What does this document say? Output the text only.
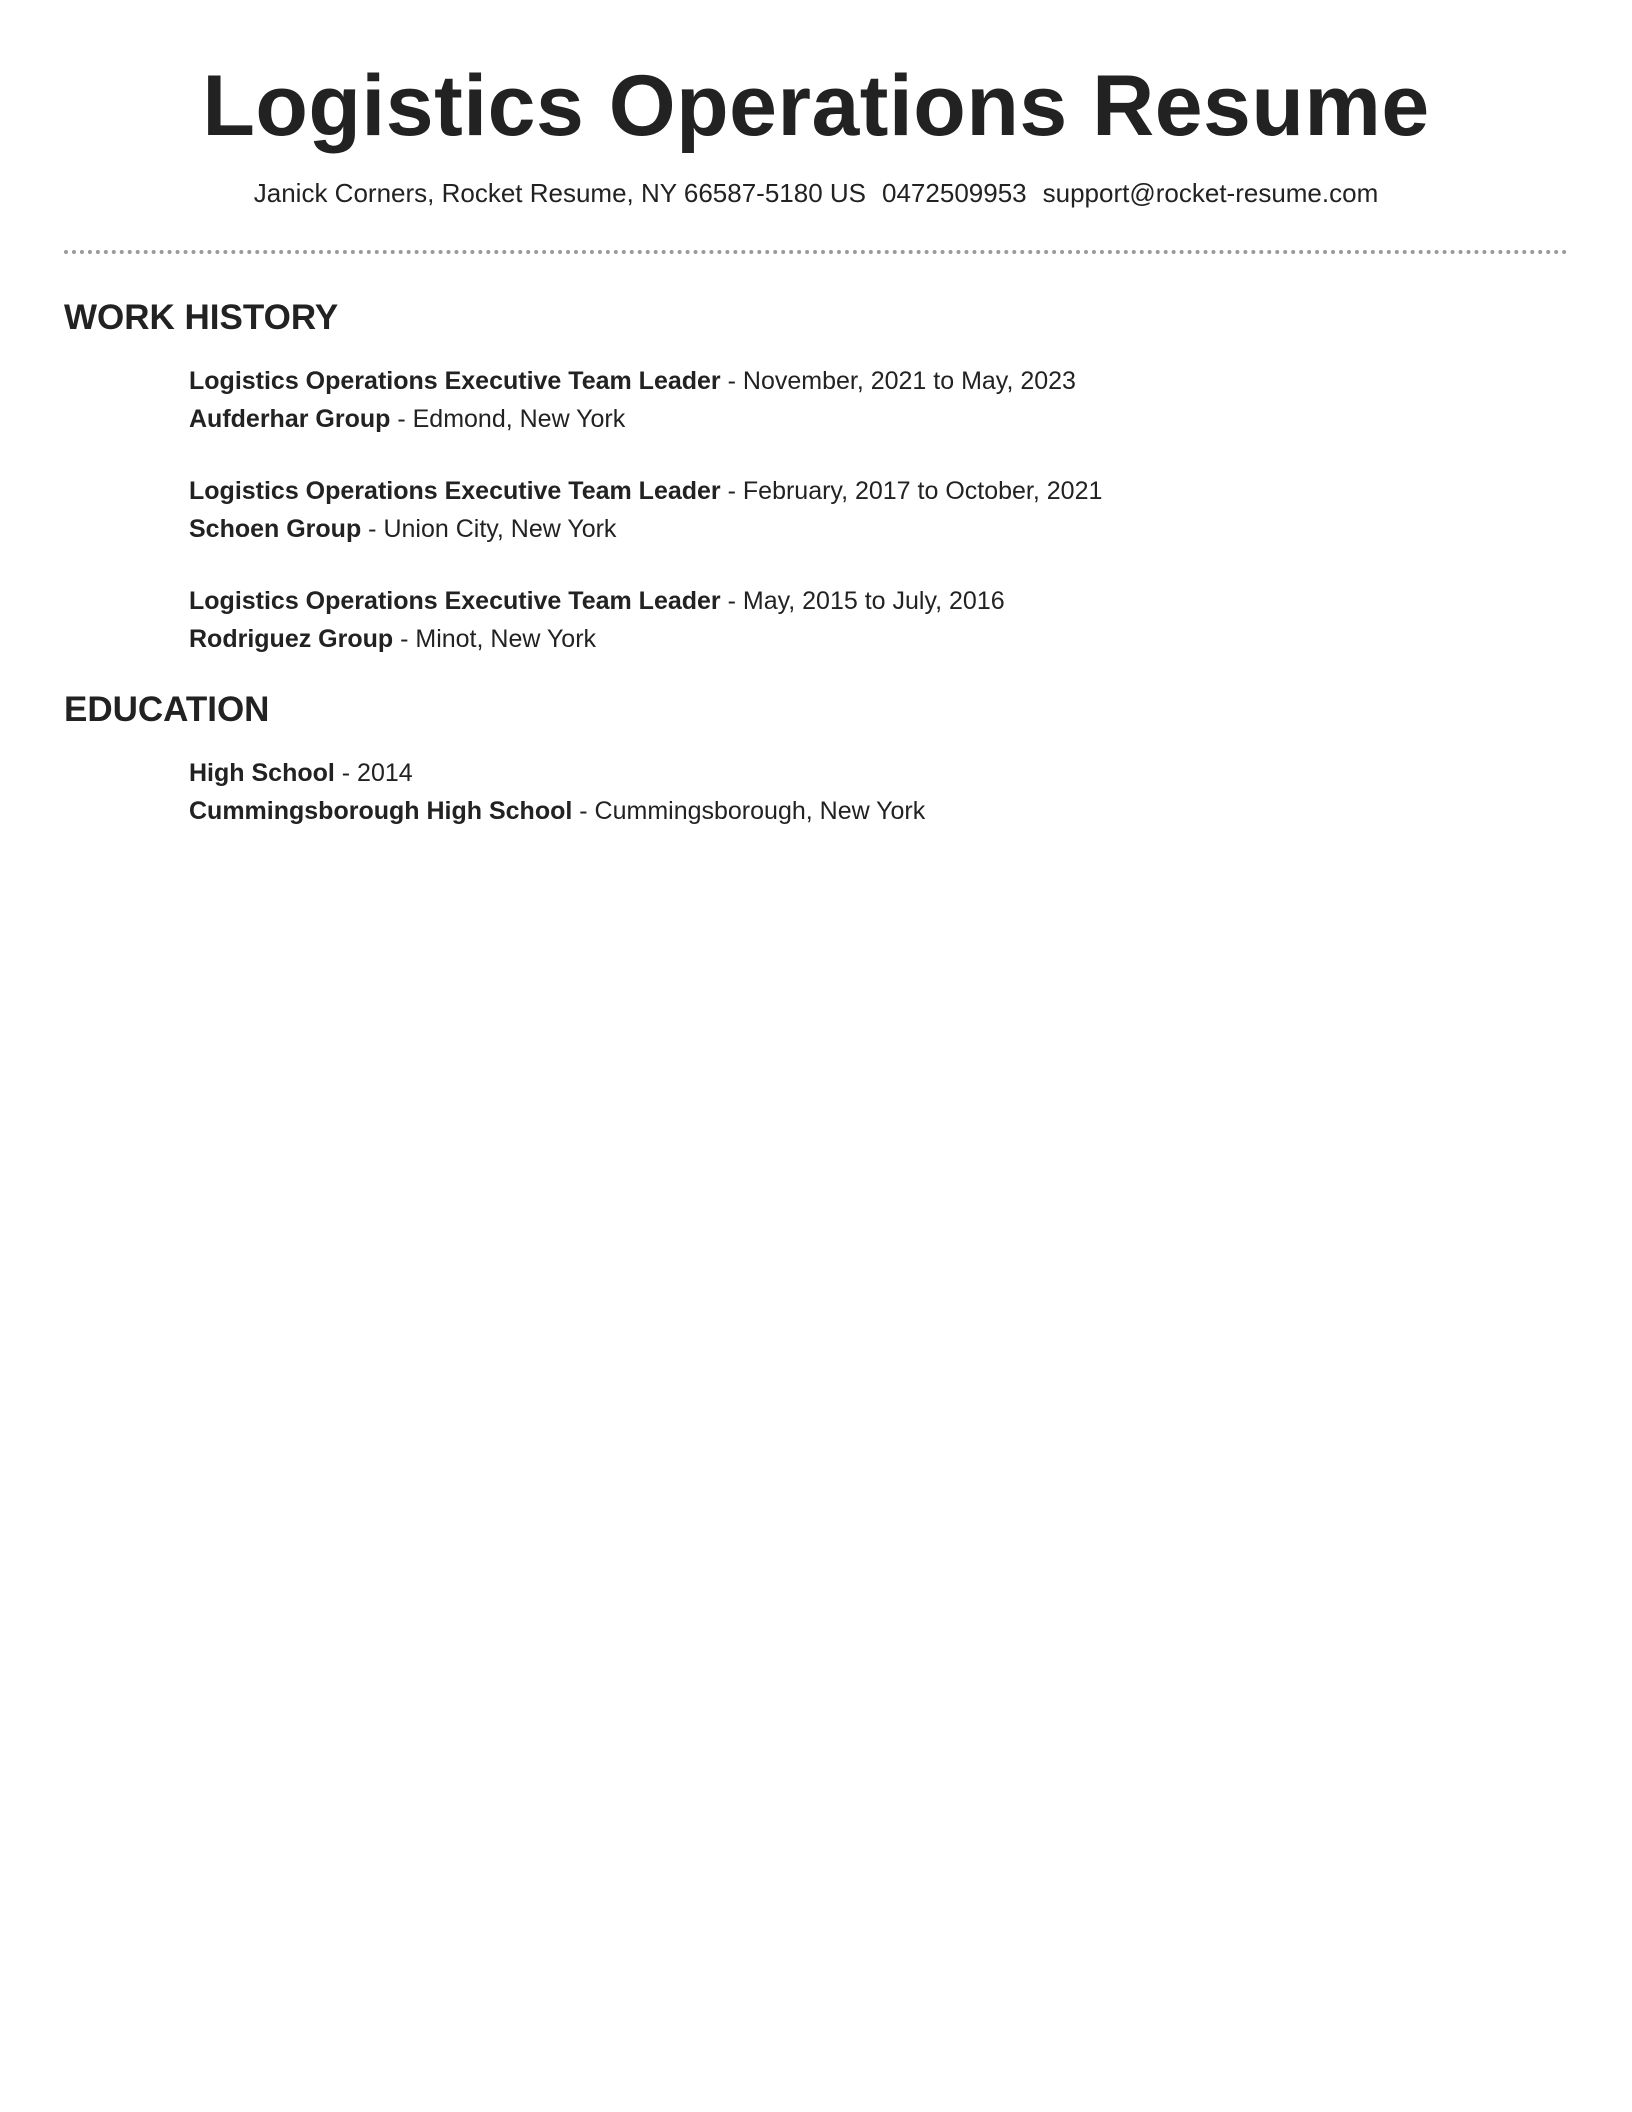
Logistics Operations Resume
Janick Corners, Rocket Resume, NY 66587-5180 US 0472509953 support@rocket-resume.com
WORK HISTORY
Logistics Operations Executive Team Leader - November, 2021 to May, 2023
Aufderhar Group - Edmond, New York
Logistics Operations Executive Team Leader - February, 2017 to October, 2021
Schoen Group - Union City, New York
Logistics Operations Executive Team Leader - May, 2015 to July, 2016
Rodriguez Group - Minot, New York
EDUCATION
High School - 2014
Cummingsborough High School - Cummingsborough, New York
